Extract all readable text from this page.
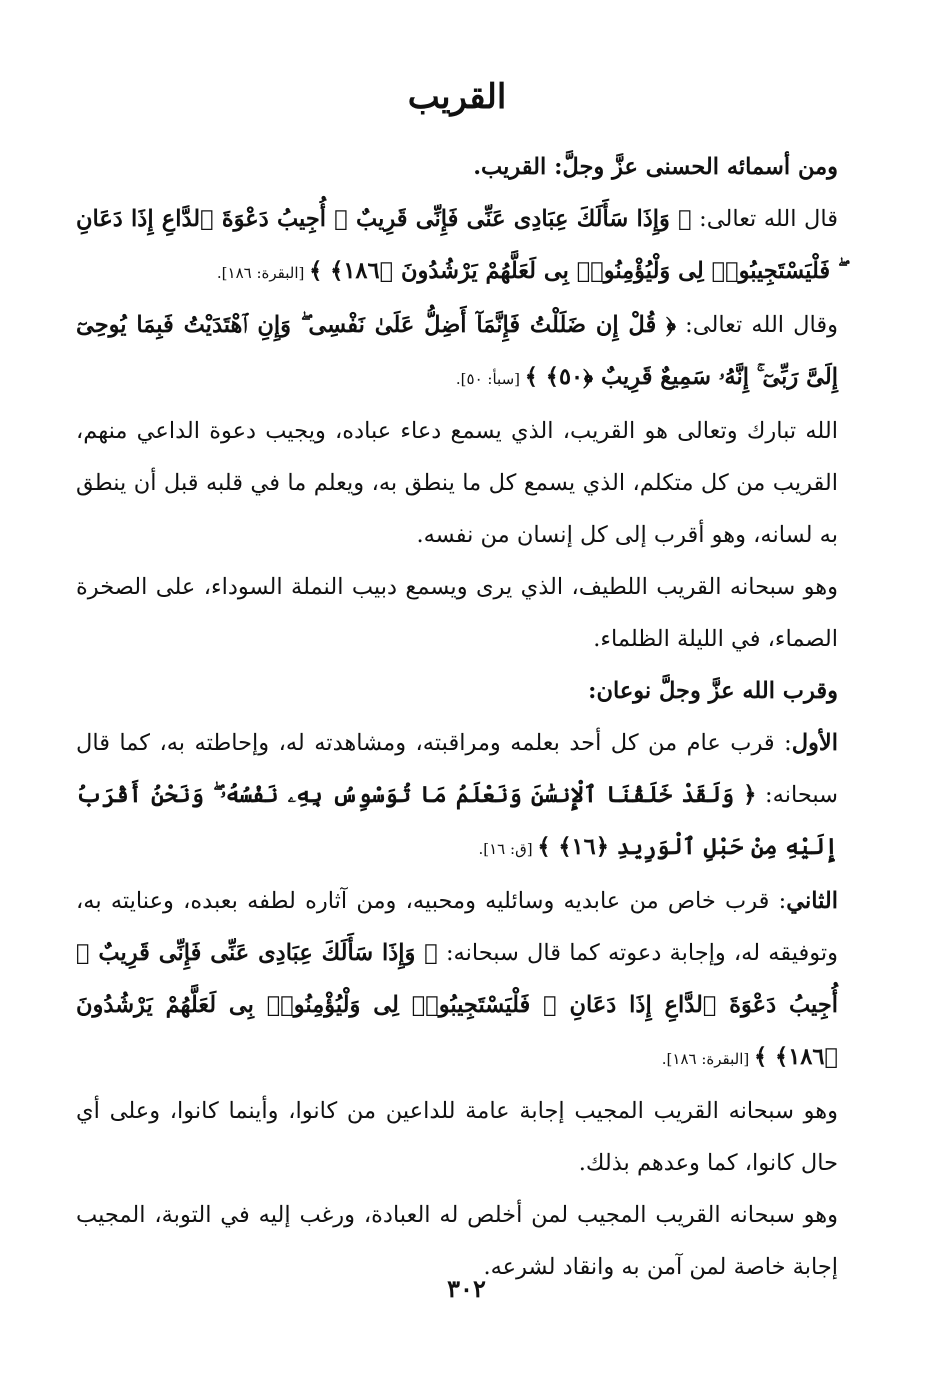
القريب

ومن أسمائه الحسنى عزَّ وجلَّ: القريب.

قال الله تعالى: ﴿ وَإِذَا سَأَلَكَ عِبَادِى عَنِّى فَإِنِّى قَرِيبٌ ۖ أُجِيبُ دَعْوَةَ ٱلدَّاعِ إِذَا دَعَانِ ۖ فَلْيَسْتَجِيبُوا۟ لِى وَلْيُؤْمِنُوا۟ بِى لَعَلَّهُمْ يَرْشُدُونَ ﴿١٨٦﴾ ﴾ [البقرة: ١٨٦].

وقال الله تعالى: ﴿ قُلْ إِن ضَلَلْتُ فَإِنَّمَآ أَضِلُّ عَلَىٰ نَفْسِى ۖ وَإِنِ ٱهْتَدَيْتُ فَبِمَا يُوحِىٓ إِلَىَّ رَبِّىٓ ۚ إِنَّهُۥ سَمِيعٌ قَرِيبٌ ﴿٥٠﴾ ﴾ [سبأ: ٥٠].

الله تبارك وتعالى هو القريب، الذي يسمع دعاء عباده، ويجيب دعوة الداعي منهم، القريب من كل متكلم، الذي يسمع كل ما ينطق به، ويعلم ما في قلبه قبل أن ينطق به لسانه، وهو أقرب إلى كل إنسان من نفسه.

وهو سبحانه القريب اللطيف، الذي يرى ويسمع دبيب النملة السوداء، على الصخرة الصماء، في الليلة الظلماء.

وقرب الله عزَّ وجلَّ نوعان:

الأول: قرب عام من كل أحد بعلمه ومراقبته، ومشاهدته له، وإحاطته به، كما قال سبحانه: ﴿ وَلَقَدْ خَلَقْنَا ٱلْإِنسَٰنَ وَنَعْلَمُ مَا تُوَسْوِسُ بِهِۦ نَفْسُهُۥ ۖ وَنَحْنُ أَقْرَبُ إِلَيْهِ مِنْ حَبْلِ ٱلْوَرِيدِ ﴿١٦﴾ ﴾ [ق: ١٦].

الثاني: قرب خاص من عابديه وسائليه ومحبيه، ومن آثاره لطفه بعبده، وعنايته به، وتوفيقه له، وإجابة دعوته كما قال سبحانه: ﴿ وَإِذَا سَأَلَكَ عِبَادِى عَنِّى فَإِنِّى قَرِيبٌ ۖ أُجِيبُ دَعْوَةَ ٱلدَّاعِ إِذَا دَعَانِ ۖ فَلْيَسْتَجِيبُوا۟ لِى وَلْيُؤْمِنُوا۟ بِى لَعَلَّهُمْ يَرْشُدُونَ ﴿١٨٦﴾ ﴾ [البقرة: ١٨٦].

وهو سبحانه القريب المجيب إجابة عامة للداعين من كانوا، وأينما كانوا، وعلى أي حال كانوا، كما وعدهم بذلك.

وهو سبحانه القريب المجيب لمن أخلص له العبادة، ورغب إليه في التوبة، المجيب إجابة خاصة لمن آمن به وانقاد لشرعه.

٣٠٢
